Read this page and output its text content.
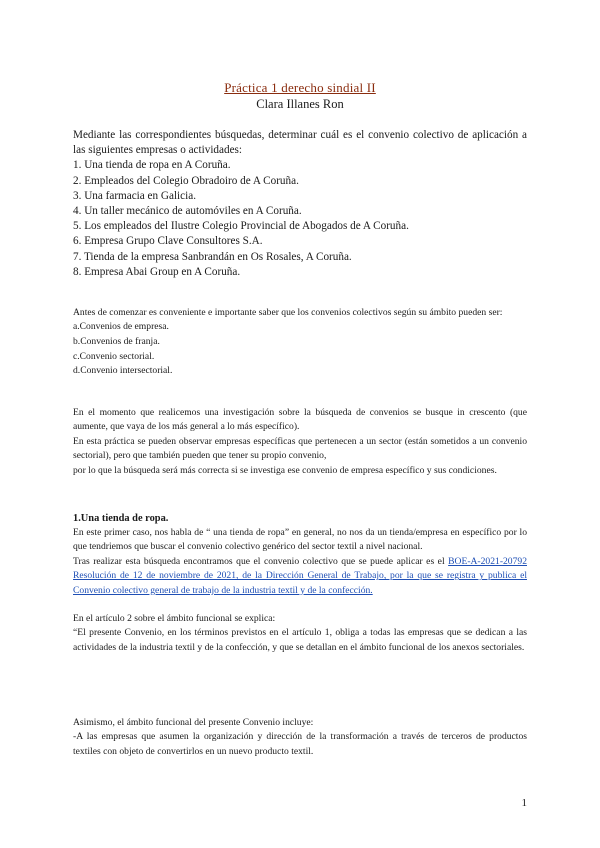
Práctica 1 derecho sindial II
Clara Illanes Ron

Mediante las correspondientes búsquedas, determinar cuál es el convenio colectivo de aplicación a las siguientes empresas o actividades:

1. Una tienda de ropa en A Coruña.

2. Empleados del Colegio Obradoiro de A Coruña.

3. Una farmacia en Galicia.

4. Un taller mecánico de automóviles en A Coruña.

5. Los empleados del Ilustre Colegio Provincial de Abogados de A Coruña.

6. Empresa Grupo Clave Consultores S.A.

7. Tienda de la empresa Sanbrandán en Os Rosales, A Coruña.

8. Empresa Abai Group en A Coruña.

Antes de comenzar es conveniente e importante saber que los convenios colectivos según su ámbito pueden ser:

a.Convenios de empresa.

b.Convenios de franja.

c.Convenio sectorial.

d.Convenio intersectorial.

En el momento que realicemos una investigación sobre la búsqueda de convenios se busque in crescento (que aumente, que vaya de los más general a lo más específico).

En esta práctica se pueden observar empresas específicas que pertenecen a un sector (están sometidos a un convenio sectorial), pero que también pueden que tener su propio convenio,

por lo que la búsqueda será más correcta si se investiga ese convenio de empresa específico y sus condiciones.

1.Una tienda de ropa.

En este primer caso, nos habla de “ una tienda de ropa” en general, no nos da un tienda/empresa en específico por lo que tendriemos que buscar el convenio colectivo genérico del sector textil a nivel nacional.

Tras realizar esta búsqueda encontramos que el convenio colectivo que se puede aplicar es el BOE-A-2021-20792 Resolución de 12 de noviembre de 2021, de la Dirección General de Trabajo, por la que se registra y publica el Convenio colectivo general de trabajo de la industria textil y de la confección.

En el artículo 2 sobre el ámbito funcional se explica:

“El presente Convenio, en los términos previstos en el artículo 1, obliga a todas las empresas que se dedican a las actividades de la industria textil y de la confección, y que se detallan en el ámbito funcional de los anexos sectoriales.

Asimismo, el ámbito funcional del presente Convenio incluye:

-A las empresas que asumen la organización y dirección de la transformación a través de terceros de productos textiles con objeto de convertirlos en un nuevo producto textil.

1
